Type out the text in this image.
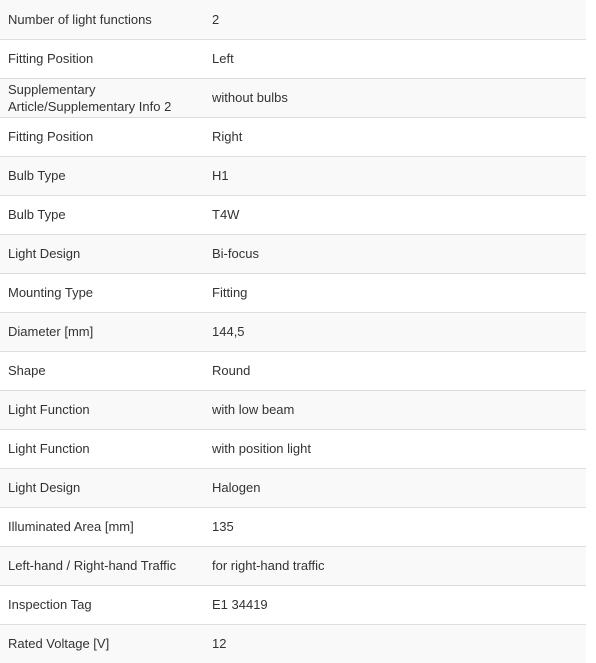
Number of light functions	2
Fitting Position	Left
Supplementary Article/Supplementary Info 2	without bulbs
Fitting Position	Right
Bulb Type	H1
Bulb Type	T4W
Light Design	Bi-focus
Mounting Type	Fitting
Diameter [mm]	144,5
Shape	Round
Light Function	with low beam
Light Function	with position light
Light Design	Halogen
Illuminated Area [mm]	135
Left-hand / Right-hand Traffic	for right-hand traffic
Inspection Tag	E1 34419
Rated Voltage [V]	12
